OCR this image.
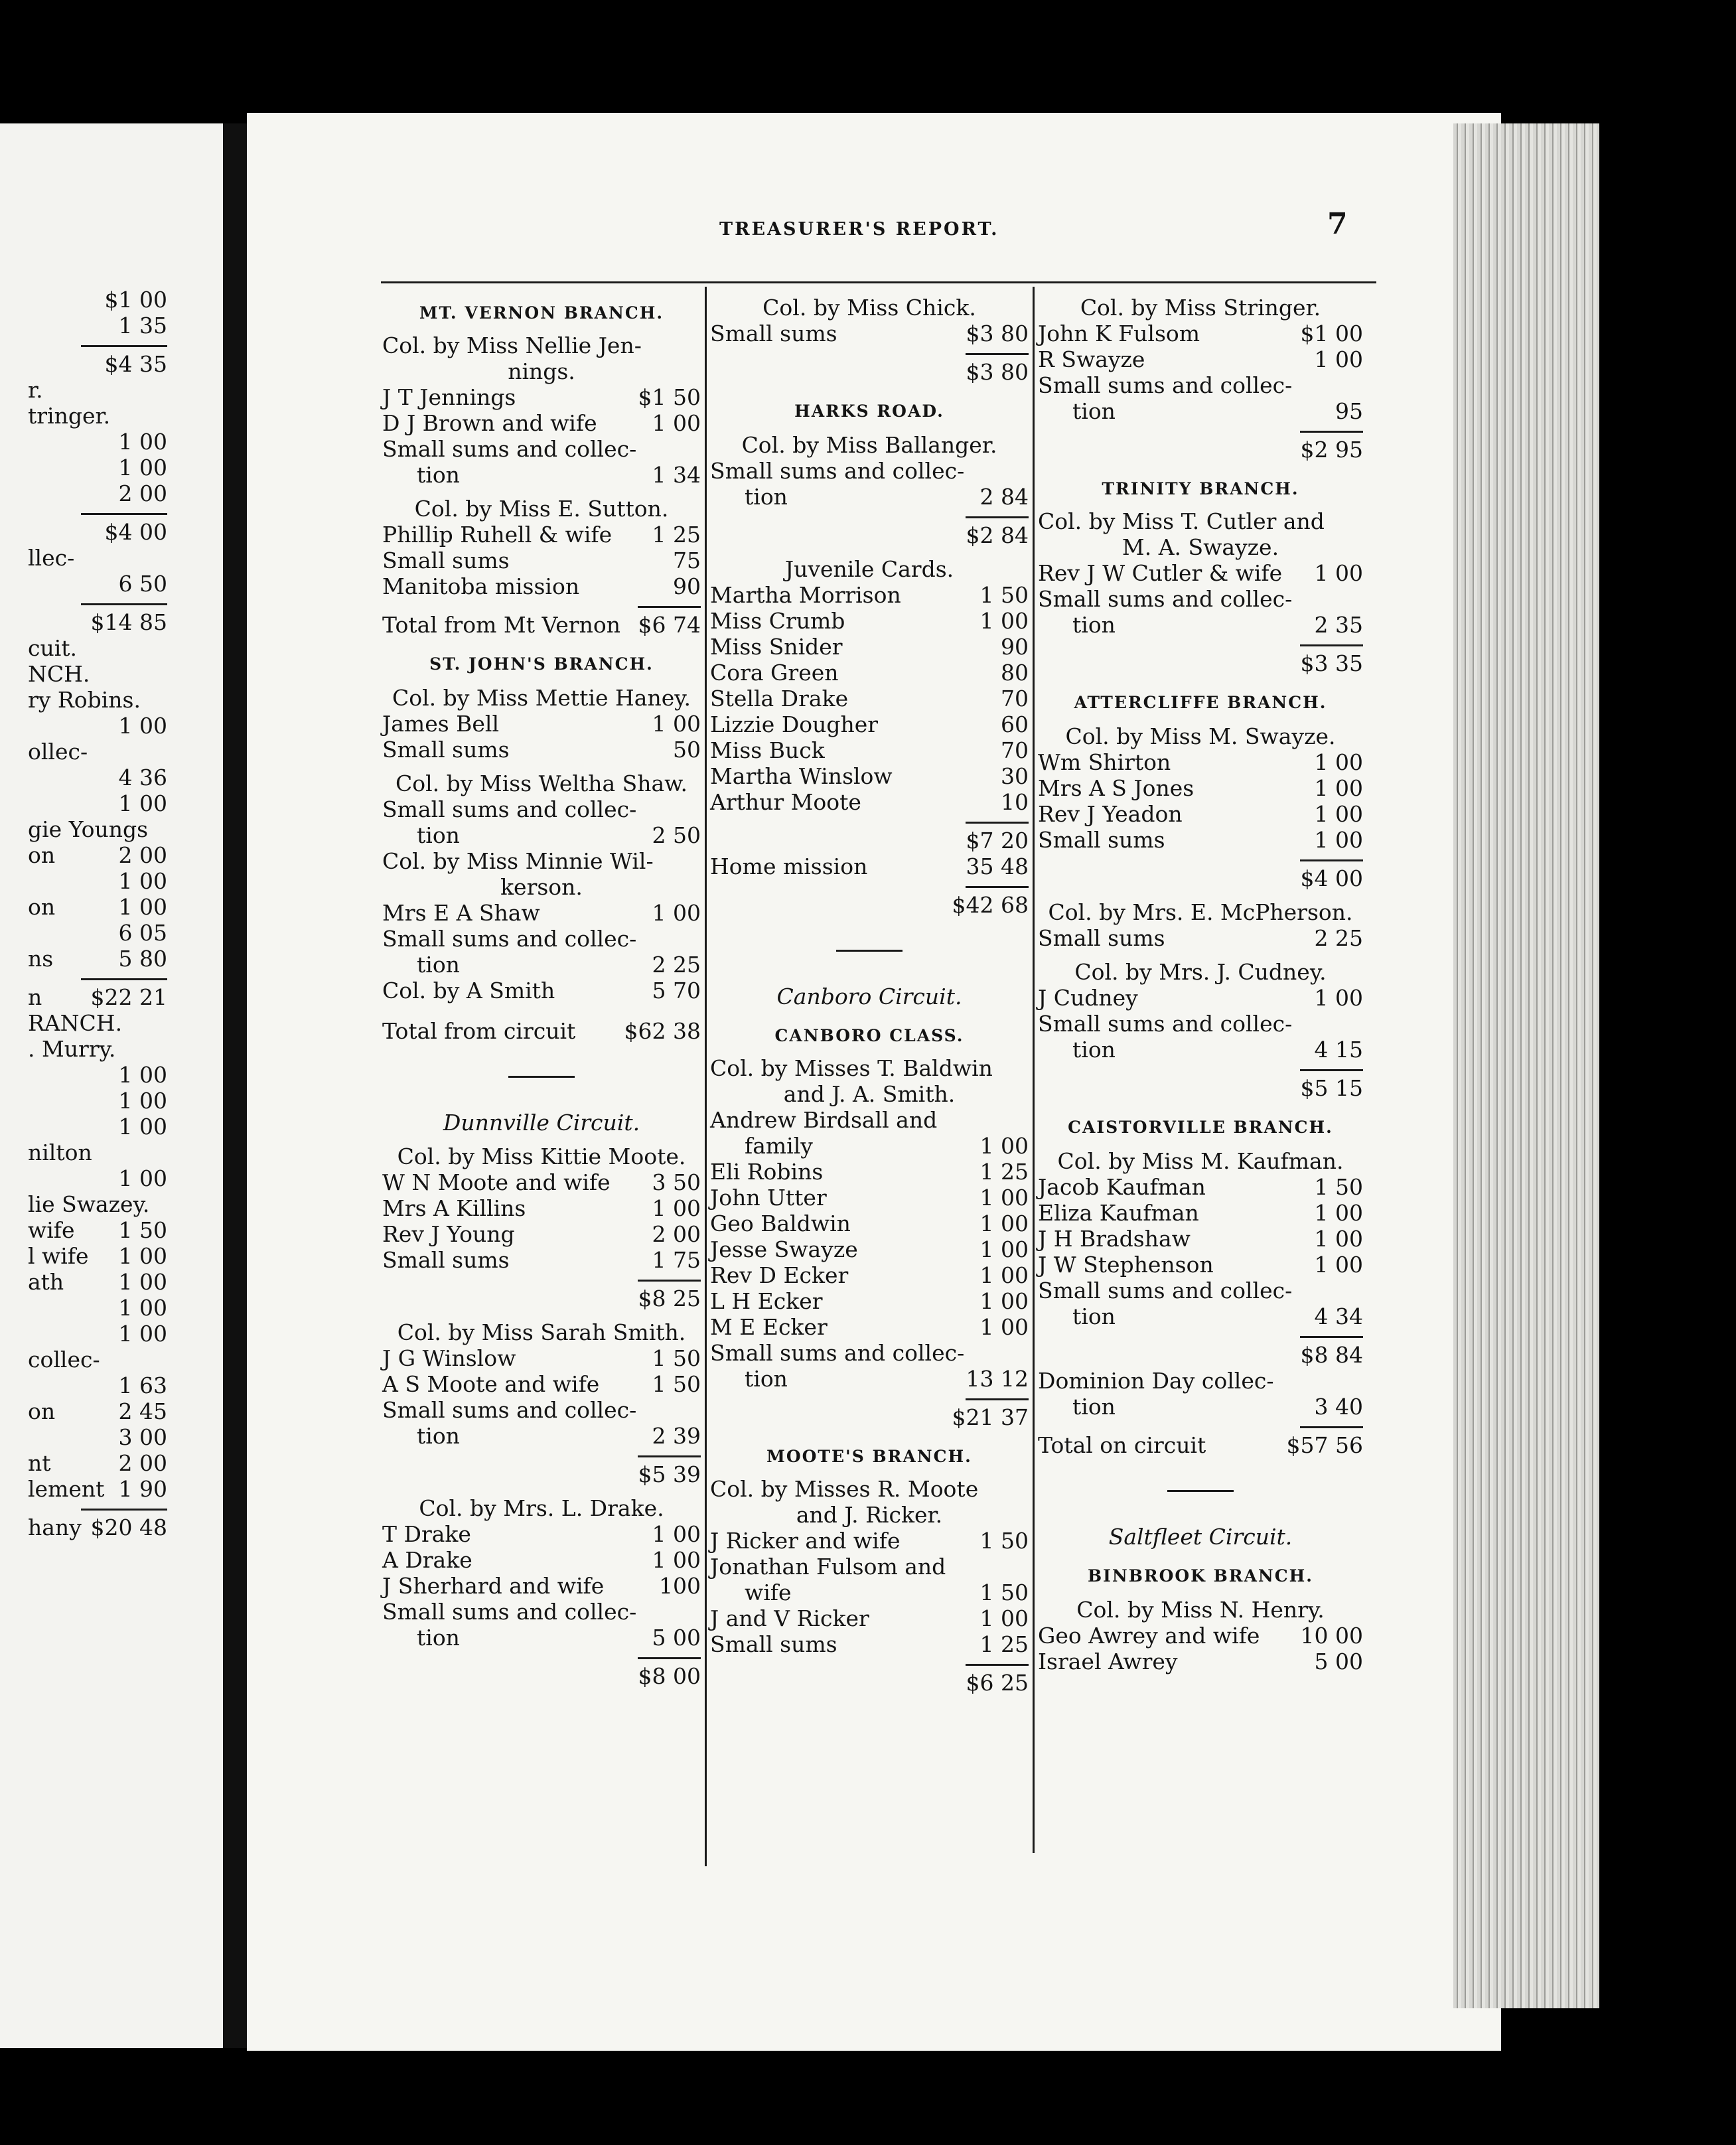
TREASURER'S REPORT.	7
$1 00
1 35
$4 35
r.
tringer.
1 00
1 00
2 00
$4 00
llec-
6 50
$14 85
cuit.
NCH.
ry Robins.
1 00
ollec-
4 36
1 00
gie Youngs
on	2 00
1 00
on	1 00
6 05
ns	5 80
n $22 21
RANCH.
. Murry.
1 00
1 00
1 00
nilton
1 00
lie Swazey.
wife 1 50
l wife 1 00
ath 1 00
1 00
1 00
collec-
1 63
on	2 45
3 00
nt	2 00
lement 1 90
hany $20 48
MT. VERNON BRANCH.
Col. by Miss Nellie Jen-
nings.
J T Jennings	$1 50
D J Brown and wife	1 00
Small sums and collec-
tion	1 34
Col. by Miss E. Sutton.
Phillip Ruhell & wife	1 25
Small sums	75
Manitoba mission	90
Total from Mt Vernon $6 74
ST. JOHN'S BRANCH.
Col. by Miss Mettie Haney.
James Bell	1 00
Small sums	50
Col. by Miss Weltha Shaw.
Small sums and collec-
tion	2 50
Col. by Miss Minnie Wil-
kerson.
Mrs E A Shaw	1 00
Small sums and collec-
tion	2 25
Col. by A Smith	5 70
Total from circuit	$62 38
Dunnville Circuit.
Col. by Miss Kittie Moote.
W N Moote and wife	3 50
Mrs A Killins	1 00
Rev J Young	2 00
Small sums	1 75
$8 25
Col. by Miss Sarah Smith.
J G Winslow	1 50
A S Moote and wife	1 50
Small sums and collec-
tion	2 39
$5 39
Col. by Mrs. L. Drake.
T Drake	1 00
A Drake	1 00
J Sherhard and wife	100
Small sums and collec-
tion	5 00
$8 00
Col. by Miss Chick.
Small sums	$3 80
$3 80
HARKS ROAD.
Col. by Miss Ballanger.
Small sums and collec-
tion	2 84
$2 84
Juvenile Cards.
Martha Morrison	1 50
Miss Crumb	1 00
Miss Snider	90
Cora Green	80
Stella Drake	70
Lizzie Dougher	60
Miss Buck	70
Martha Winslow	30
Arthur Moote	10
$7 20
Home mission	35 48
$42 68
Canboro Circuit.
CANBORO CLASS.
Col. by Misses T. Baldwin
and J. A. Smith.
Andrew Birdsall and
family	1 00
Eli Robins	1 25
John Utter	1 00
Geo Baldwin	1 00
Jesse Swayze	1 00
Rev D Ecker	1 00
L H Ecker	1 00
M E Ecker	1 00
Small sums and collec-
tion	13 12
$21 37
MOOTE'S BRANCH.
Col. by Misses R. Moote
and J. Ricker.
J Ricker and wife	1 50
Jonathan Fulsom and
wife	1 50
J and V Ricker	1 00
Small sums	1 25
$6 25
Col. by Miss Stringer.
John K Fulsom	$1 00
R Swayze	1 00
Small sums and collec-
tion	95
$2 95
TRINITY BRANCH.
Col. by Miss T. Cutler and
M. A. Swayze.
Rev J W Cutler & wife	1 00
Small sums and collec-
tion	2 35
$3 35
ATTERCLIFFE BRANCH.
Col. by Miss M. Swayze.
Wm Shirton	1 00
Mrs A S Jones	1 00
Rev J Yeadon	1 00
Small sums	1 00
$4 00
Col. by Mrs. E. McPherson.
Small sums	2 25
Col. by Mrs. J. Cudney.
J Cudney	1 00
Small sums and collec-
tion	4 15
$5 15
CAISTORVILLE BRANCH.
Col. by Miss M. Kaufman.
Jacob Kaufman	1 50
Eliza Kaufman	1 00
J H Bradshaw	1 00
J W Stephenson	1 00
Small sums and collec-
tion	4 34
$8 84
Dominion Day collec-
tion	3 40
Total on circuit	$57 56
Saltfleet Circuit.
BINBROOK BRANCH.
Col. by Miss N. Henry.
Geo Awrey and wife	10 00
Israel Awrey	5 00
